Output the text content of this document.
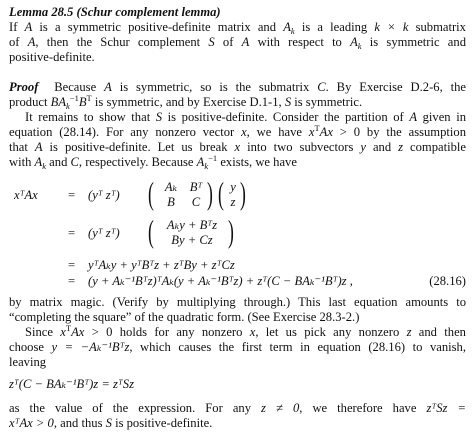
Lemma 28.5 (Schur complement lemma)
If A is a symmetric positive-definite matrix and $A_k$ is a leading k × k submatrix
of A, then the Schur complement S of A with respect to $A_k$ is symmetric and
positive-definite.
Proof Because A is symmetric, so is the submatrix C. By Exercise D.2-6, the
product $BA_k^{-1}B^T$ is symmetric, and by Exercise D.1-1, S is symmetric.
It remains to show that S is positive-definite. Consider the partition of A given in
equation (28.14). For any nonzero vector x, we have $x^TAx > 0$ by the assumption
that A is positive-definite. Let us break x into two subvectors y and z compatible
with $A_k$ and C, respectively. Because $A_k^{-1}$ exists, we have
xᵀAx = (yᵀ zᵀ) ( Aₖ Bᵀ
B	C ) ( y
z )
= (yᵀ zᵀ) (	Aₖy + Bᵀz
By + Cz )
= yᵀAₖy + yᵀBᵀz + zᵀBy + zᵀCz
= (y + Aₖ⁻¹Bᵀz)ᵀAₖ(y + Aₖ⁻¹Bᵀz) + zᵀ(C − BAₖ⁻¹Bᵀ)z ,	(28.16)
by matrix magic. (Verify by multiplying through.) This last equation amounts to
“completing the square” of the quadratic form. (See Exercise 28.3-2.)
Since $x^TAx > 0$ holds for any nonzero x, let us pick any nonzero z and then
choose y = −Aₖ⁻¹Bᵀz, which causes the first term in equation (28.16) to vanish,
leaving
zᵀ(C − BAₖ⁻¹Bᵀ)z = zᵀSz
as the value of the expression. For any z ≠ 0, we therefore have zᵀSz =
xᵀAx > 0, and thus S is positive-definite.
